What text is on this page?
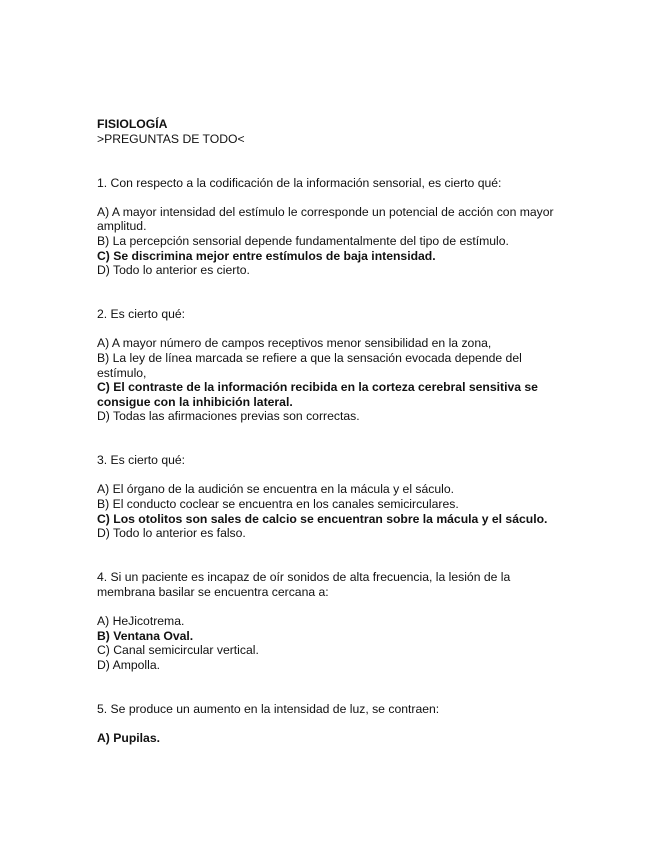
FISIOLOGÍA
>PREGUNTAS DE TODO<
1. Con respecto a la codificación de la información sensorial, es cierto qué:
A) A mayor intensidad del estímulo le corresponde un potencial de acción con mayor amplitud.
B) La percepción sensorial depende fundamentalmente del tipo de estímulo.
C) Se discrimina mejor entre estímulos de baja intensidad.
D) Todo lo anterior es cierto.
2. Es cierto qué:
A) A mayor número de campos receptivos menor sensibilidad en la zona,
B) La ley de línea marcada se refiere a que la sensación evocada depende del estímulo,
C) El contraste de la información recibida en la corteza cerebral sensitiva se consigue con la inhibición lateral.
D) Todas las afirmaciones previas son correctas.
3. Es cierto qué:
A) El órgano de la audición se encuentra en la mácula y el sáculo.
B) El conducto coclear se encuentra en los canales semicirculares.
C) Los otolitos son sales de calcio se encuentran sobre la mácula y el sáculo.
D) Todo lo anterior es falso.
4. Si un paciente es incapaz de oír sonidos de alta frecuencia, la lesión de la membrana basilar se encuentra cercana a:
A) HeJicotrema.
B) Ventana Oval.
C) Canal semicircular vertical.
D) Ampolla.
5. Se produce un aumento en la intensidad de luz, se contraen:
A) Pupilas.
